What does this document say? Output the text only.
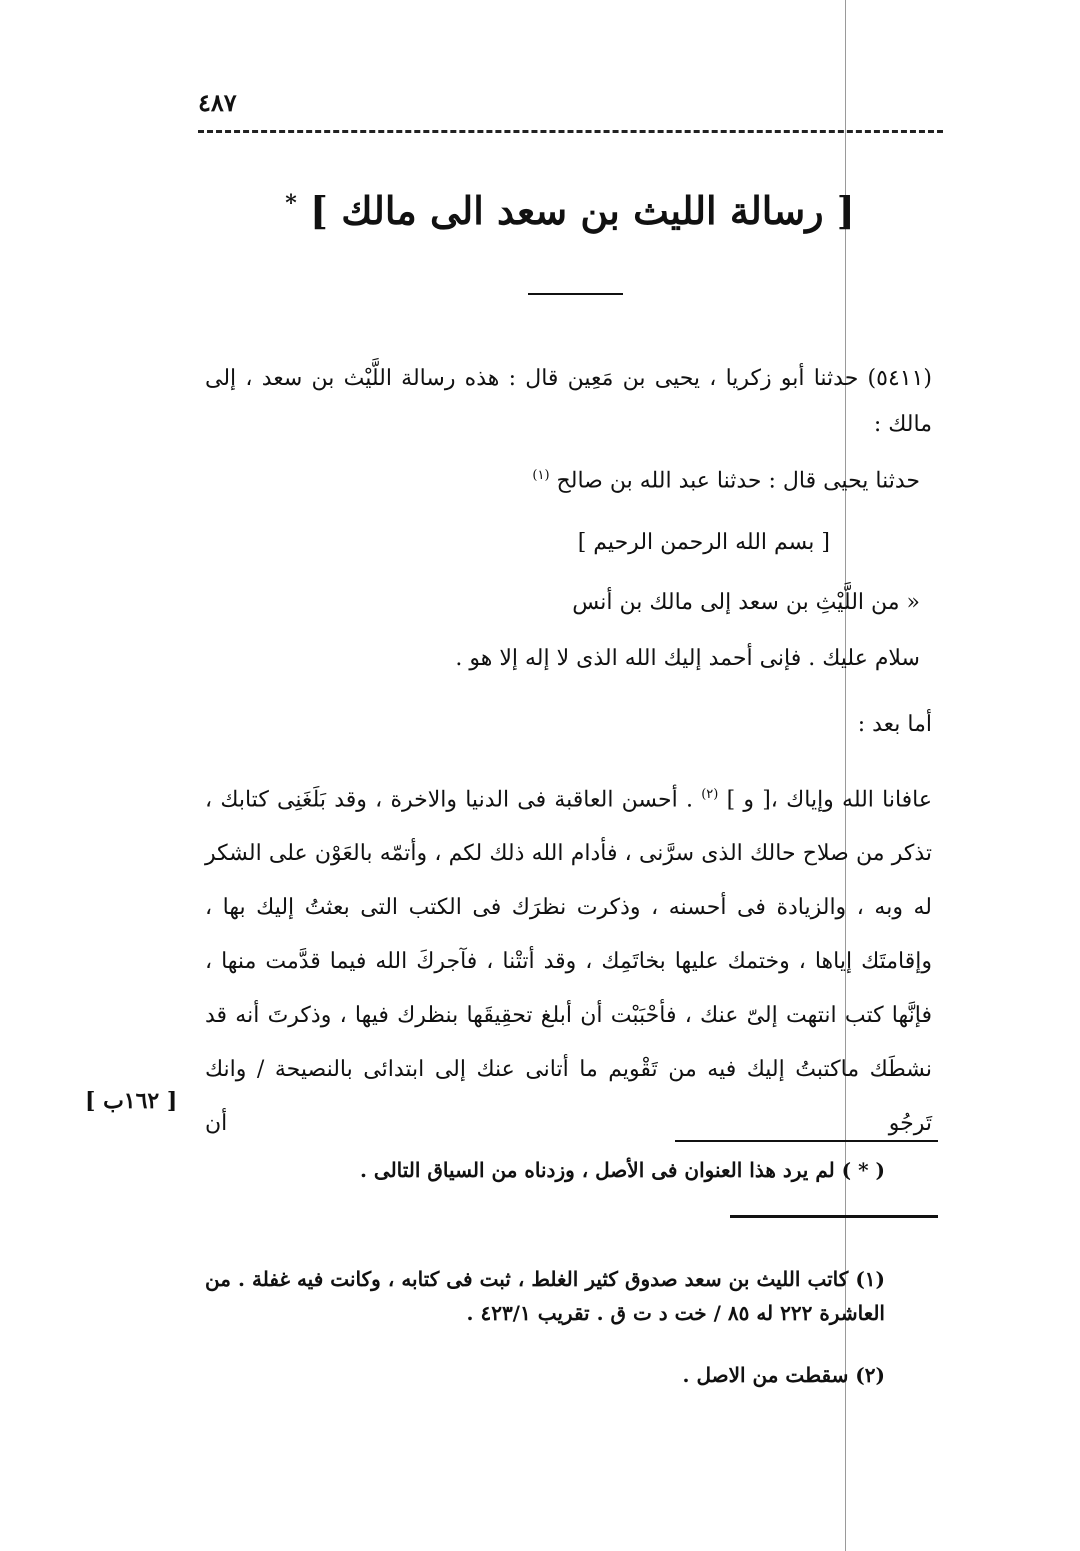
٤٨٧
[ رسالة الليث بن سعد الى مالك ] *
(٥٤١١) حدثنا أبو زكريا ، يحيى بن مَعِين قال : هذه رسالة اللَّيْث بن سعد ، إلى مالك :
حدثنا يحيى قال : حدثنا عبد الله بن صالح $^{(١)}$
[ بسم الله الرحمن الرحيم ]
« من اللَّيْثِ بن سعد إلى مالك بن أنس
سلام عليك . فإنى أحمد إليك الله الذى لا إله إلا هو .
أما بعد :
عافانا الله وإياك ،[ و ] $^{(٢)}$ . أحسن العاقبة فى الدنيا والاخرة ، وقد بَلَغَنِى كتابك ، تذكر من صلاح حالك الذى سرَّنى ، فأدام الله ذلك لكم ، وأتمّه بالعَوْن على الشكر له وبه ، والزيادة فى أحسنه ، وذكرت نظرَك فى الكتب التى بعثتُ إليك بها ، وإقامتَك إياها ، وختمك عليها بخاتَمِك ، وقد أتتْنا ، فآجركَ الله فيما قدَّمت منها ، فإنَّها كتب انتهت إلىّ عنك ، فأحْبَبْت أن أبلغ تحقِيقَها بنظرك فيها ، وذكرتَ أنه قد نشطَك ماكتبتُ إليك فيه من تَقْويم ما أتانى عنك إلى ابتدائى بالنصيحة / وانك تَرجُو أن
[ ١٦٢ب ]
( * ) لم يرد هذا العنوان فى الأصل ، وزدناه من السياق التالى .
(١) كاتب الليث بن سعد صدوق كثير الغلط ، ثبت فى كتابه ، وكانت فيه غفلة . من العاشرة ٢٢٢ له ٨٥ / خت د ت ق . تقريب ٤٢٣/١ .
(٢) سقطت من الاصل .
